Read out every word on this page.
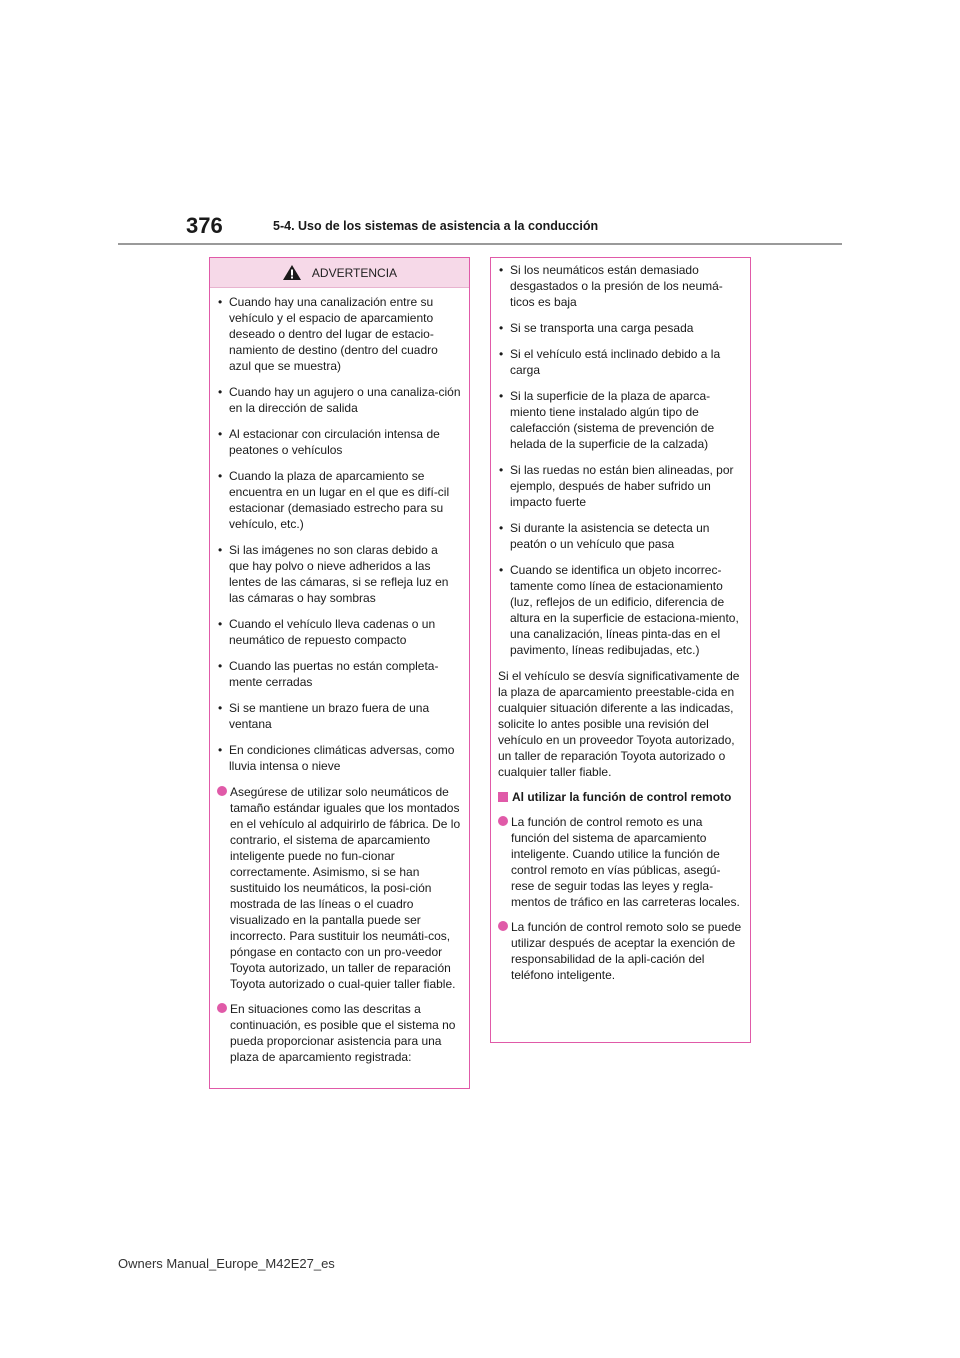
376	5-4. Uso de los sistemas de asistencia a la conducción
ADVERTENCIA
• Cuando hay una canalización entre su vehículo y el espacio de aparcamiento deseado o dentro del lugar de estacio-namiento de destino (dentro del cuadro azul que se muestra)
• Cuando hay un agujero o una canaliza-ción en la dirección de salida
• Al estacionar con circulación intensa de peatones o vehículos
• Cuando la plaza de aparcamiento se encuentra en un lugar en el que es difí-cil estacionar (demasiado estrecho para su vehículo, etc.)
• Si las imágenes no son claras debido a que hay polvo o nieve adheridos a las lentes de las cámaras, si se refleja luz en las cámaras o hay sombras
• Cuando el vehículo lleva cadenas o un neumático de repuesto compacto
• Cuando las puertas no están completa-mente cerradas
• Si se mantiene un brazo fuera de una ventana
• En condiciones climáticas adversas, como lluvia intensa o nieve
Asegúrese de utilizar solo neumáticos de tamaño estándar iguales que los montados en el vehículo al adquirirlo de fábrica. De lo contrario, el sistema de aparcamiento inteligente puede no fun-cionar correctamente. Asimismo, si se han sustituido los neumáticos, la posi-ción mostrada de las líneas o el cuadro visualizado en la pantalla puede ser incorrecto. Para sustituir los neumáti-cos, póngase en contacto con un pro-veedor Toyota autorizado, un taller de reparación Toyota autorizado o cual-quier taller fiable.
En situaciones como las descritas a continuación, es posible que el sistema no pueda proporcionar asistencia para una plaza de aparcamiento registrada:
• Si los neumáticos están demasiado desgastados o la presión de los neumá-ticos es baja
• Si se transporta una carga pesada
• Si el vehículo está inclinado debido a la carga
• Si la superficie de la plaza de aparca-miento tiene instalado algún tipo de calefacción (sistema de prevención de helada de la superficie de la calzada)
• Si las ruedas no están bien alineadas, por ejemplo, después de haber sufrido un impacto fuerte
• Si durante la asistencia se detecta un peatón o un vehículo que pasa
• Cuando se identifica un objeto incorrec-tamente como línea de estacionamiento (luz, reflejos de un edificio, diferencia de altura en la superficie de estaciona-miento, una canalización, líneas pinta-das en el pavimento, líneas redibujadas, etc.)

Si el vehículo se desvía significativamente de la plaza de aparcamiento preestable-cida en cualquier situación diferente a las indicadas, solicite lo antes posible una revisión del vehículo en un proveedor Toyota autorizado, un taller de reparación Toyota autorizado o cualquier taller fiable.

Al utilizar la función de control remoto
La función de control remoto es una función del sistema de aparcamiento inteligente. Cuando utilice la función de control remoto en vías públicas, asegú-rese de seguir todas las leyes y regla-mentos de tráfico en las carreteras locales.
La función de control remoto solo se puede utilizar después de aceptar la exención de responsabilidad de la apli-cación del teléfono inteligente.
Owners Manual_Europe_M42E27_es
